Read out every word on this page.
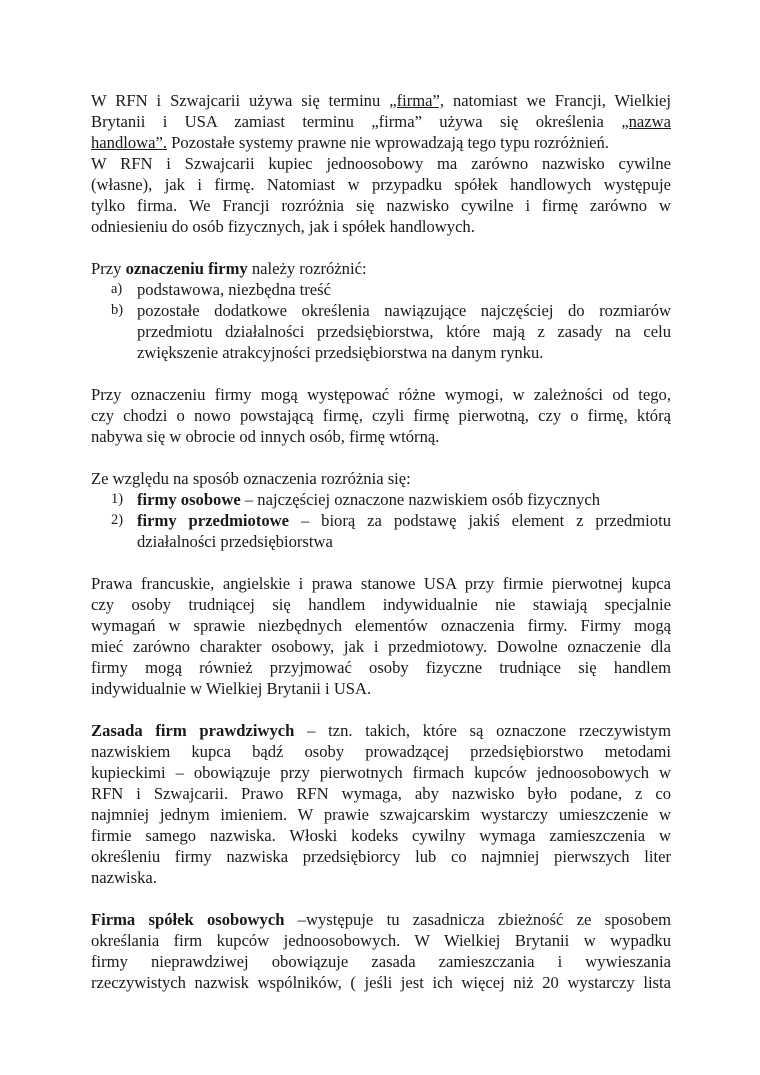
W RFN i Szwajcarii używa się terminu „firma”, natomiast we Francji, Wielkiej
Brytanii i USA zamiast terminu „firma” używa się określenia „nazwa
handlowa”. Pozostałe systemy prawne nie wprowadzają tego typu rozróżnień.
W RFN i Szwajcarii kupiec jednoosobowy ma zarówno nazwisko cywilne
(własne), jak i firmę. Natomiast w przypadku spółek handlowych występuje
tylko firma. We Francji rozróżnia się nazwisko cywilne i firmę zarówno w
odniesieniu do osób fizycznych, jak i spółek handlowych.
Przy oznaczeniu firmy należy rozróżnić:
a) podstawowa, niezbędna treść
b) pozostałe dodatkowe określenia nawiązujące najczęściej do rozmiarów
przedmiotu działalności przedsiębiorstwa, które mają z zasady na celu
zwiększenie atrakcyjności przedsiębiorstwa na danym rynku.
Przy oznaczeniu firmy mogą występować różne wymogi, w zależności od tego,
czy chodzi o nowo powstającą firmę, czyli firmę pierwotną, czy o firmę, którą
nabywa się w obrocie od innych osób, firmę wtórną.
Ze względu na sposób oznaczenia rozróżnia się:
1) firmy osobowe – najczęściej oznaczone nazwiskiem osób fizycznych
2) firmy przedmiotowe – biorą za podstawę jakiś element z przedmiotu
działalności przedsiębiorstwa
Prawa francuskie, angielskie i prawa stanowe USA przy firmie pierwotnej kupca
czy osoby trudniącej się handlem indywidualnie nie stawiają specjalnie
wymagań w sprawie niezbędnych elementów oznaczenia firmy. Firmy mogą
mieć zarówno charakter osobowy, jak i przedmiotowy. Dowolne oznaczenie dla
firmy mogą również przyjmować osoby fizyczne trudniące się handlem
indywidualnie w Wielkiej Brytanii i USA.
Zasada firm prawdziwych – tzn. takich, które są oznaczone rzeczywistym
nazwiskiem kupca bądź osoby prowadzącej przedsiębiorstwo metodami
kupieckimi – obowiązuje przy pierwotnych firmach kupców jednoosobowych w
RFN i Szwajcarii. Prawo RFN wymaga, aby nazwisko było podane, z co
najmniej jednym imieniem. W prawie szwajcarskim wystarczy umieszczenie w
firmie samego nazwiska. Włoski kodeks cywilny wymaga zamieszczenia w
określeniu firmy nazwiska przedsiębiorcy lub co najmniej pierwszych liter
nazwiska.
Firma spółek osobowych –występuje tu zasadnicza zbieżność ze sposobem
określania firm kupców jednoosobowych. W Wielkiej Brytanii w wypadku
firmy nieprawdziwej obowiązuje zasada zamieszczania i wywieszania
rzeczywistych nazwisk wspólników, ( jeśli jest ich więcej niż 20 wystarczy lista
